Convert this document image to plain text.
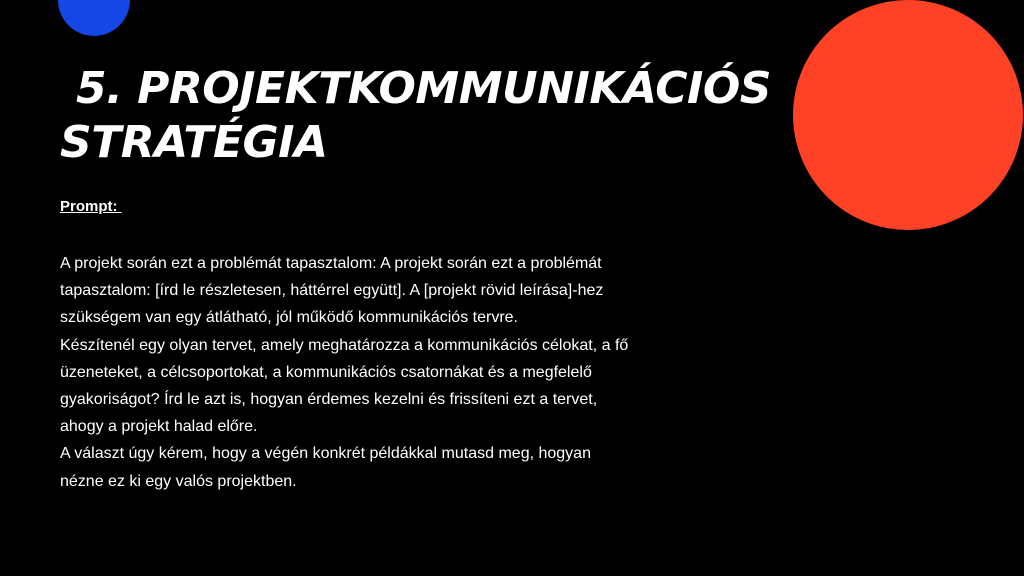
5. PROJEKTKOMMUNIKÁCIÓS
STRATÉGIA
Prompt:
A projekt során ezt a problémát tapasztalom: A projekt során ezt a problémát
tapasztalom: [írd le részletesen, háttérrel együtt]. A [projekt rövid leírása]-hez
szükségem van egy átlátható, jól működő kommunikációs tervre.
Készítenél egy olyan tervet, amely meghatározza a kommunikációs célokat, a fő
üzeneteket, a célcsoportokat, a kommunikációs csatornákat és a megfelelő
gyakoriságot? Írd le azt is, hogyan érdemes kezelni és frissíteni ezt a tervet,
ahogy a projekt halad előre.
A választ úgy kérem, hogy a végén konkrét példákkal mutasd meg, hogyan
nézne ez ki egy valós projektben.
